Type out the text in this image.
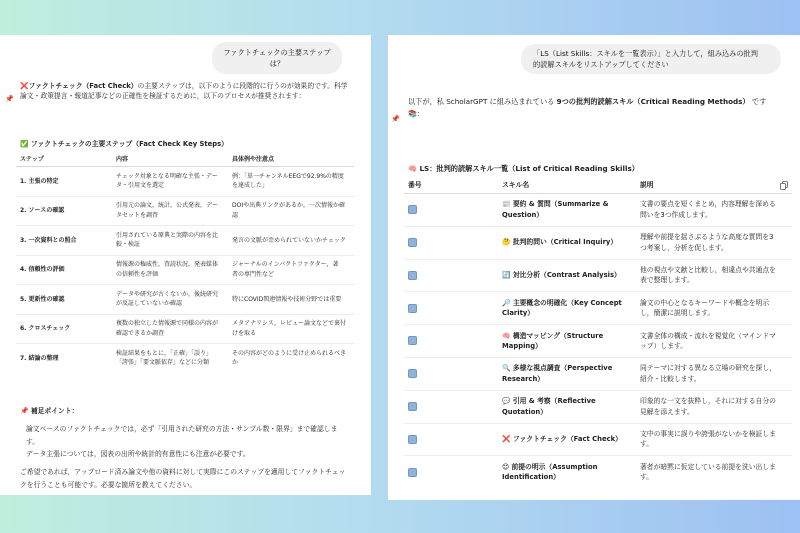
ファクトチェックの主要ステップは？

❌ファクトチェック（Fact Check）の主要ステップは，以下のように段階的に行うのが効果的です。科学
論文・政策提言・報道記事などの正確性を検証するために，以下のプロセスが推奨されます：

📌

✅ ファクトチェックの主要ステップ（Fact Check Key Steps）

ステップ	内容	具体例や注意点
1. 主張の特定	チェック対象となる明確な主張・デー
タ・引用文を選定	例：「単一チャンネルEEGで92.9%の精度
を達成した」
2. ソースの確認	引用元の論文，統計，公式発表，デー
タセットを調査	DOIや出典リンクがあるか，一次情報か確
認
3. 一次資料との照合	引用されている原典と実際の内容を比
較・検証	発言の文脈が歪められていないかチェック
4. 信頼性の評価	情報源の権威性，査読状況，発表媒体
の信頼性を評価	ジャーナルのインパクトファクター，著
者の専門性など
5. 更新性の確認	データや研究が古くないか，後続研究
が反証していないか確認	特にCOVID関連情報や技術分野では重要
6. クロスチェック	複数の独立した情報源で同様の内容が
確認できるか調査	メタアナリシス，レビュー論文などで裏付
けを取る
7. 結論の整理	検証結果をもとに，「正確」「誤り」
「誇張」「要文脈依存」などに分類	その内容がどのように受け止められるべき
か

📌 補足ポイント：

論文ベースのファクトチェックでは，必ず「引用された研究の方法・サンプル数・限界」まで確認しま
す。
データ主張については，図表の出所や統計的有意性にも注意が必要です。

ご希望であれば，アップロード済み論文や他の資料に対して実際にこのステップを適用してファクトチェッ
クを行うことも可能です。必要な箇所を教えてください。

「LS（List Skills：スキルを一覧表示）」と入力して，組み込みの批判
的読解スキルをリストアップしてください

以下が，私 ScholarGPT に組み込まれている 9つの批判的読解スキル（Critical Reading Methods） です
📚：

📌

🧠 LS：批判的読解スキル一覧（List of Critical Reading Skills）

番号	スキル名	説明
	📰 要約 & 質問（Summarize &
Question）	文書の要点を短くまとめ，内容理解を深める
問いを3つ作成します。
	🤔 批判的問い（Critical Inquiry）	理解や前提を揺さぶるような高度な質問を3
つ考案し，分析を促します。
	🔄 対比分析（Contrast Analysis）	他の視点や文献と比較し，相違点や共通点を
表で整理します。
	🔎 主要概念の明確化（Key Concept
Clarity）	論文の中心となるキーワードや概念を明示
し，簡潔に説明します。
	🧠 構造マッピング（Structure
Mapping）	文書全体の構成・流れを視覚化（マインドマ
ップ）します。
	🔍 多様な視点調査（Perspective
Research）	同テーマに対する異なる立場の研究を探し，
紹介・比較します。
	💬 引用 & 考察（Reflective Quotation）	印象的な一文を抜粋し，それに対する自分の
見解を添えます。
	❌ ファクトチェック（Fact Check）	文中の事実に誤りや誇張がないかを検証しま
す。
	😊 前提の明示（Assumption
Identification）	著者が暗黙に仮定している前提を洗い出しま
す。
